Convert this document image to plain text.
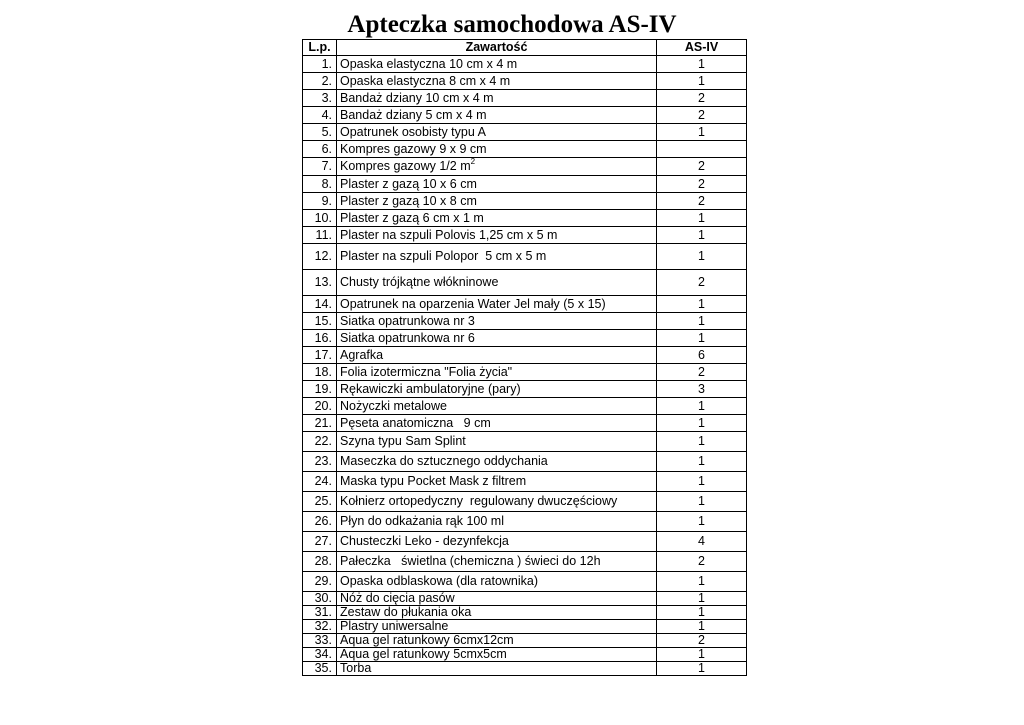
Apteczka samochodowa AS-IV
L.p.	Zawartość	AS-IV
1.	Opaska elastyczna 10 cm x 4 m	1
2.	Opaska elastyczna 8 cm x 4 m	1
3.	Bandaż dziany 10 cm x 4 m	2
4.	Bandaż dziany 5 cm x 4 m	2
5.	Opatrunek osobisty typu A	1
6.	Kompres gazowy 9 x 9 cm	
7.	Kompres gazowy 1/2 $m^2$	2
8.	Plaster z gazą 10 x 6 cm	2
9.	Plaster z gazą 10 x 8 cm	2
10.	Plaster z gazą 6 cm x 1 m	1
11.	Plaster na szpuli Polovis 1,25 cm x 5 m	1
12.	Plaster na szpuli Polopor  5 cm x 5 m	1
13.	Chusty trójkątne włókninowe	2
14.	Opatrunek na oparzenia Water Jel mały (5 x 15)	1
15.	Siatka opatrunkowa nr 3	1
16.	Siatka opatrunkowa nr 6	1
17.	Agrafka	6
18.	Folia izotermiczna "Folia życia"	2
19.	Rękawiczki ambulatoryjne (pary)	3
20.	Nożyczki metalowe	1
21.	Pęseta anatomiczna   9 cm	1
22.	Szyna typu Sam Splint	1
23.	Maseczka do sztucznego oddychania	1
24.	Maska typu Pocket Mask z filtrem	1
25.	Kołnierz ortopedyczny  regulowany dwuczęściowy	1
26.	Płyn do odkażania rąk 100 ml	1
27.	Chusteczki Leko - dezynfekcja	4
28.	Pałeczka   świetlna (chemiczna ) świeci do 12h	2
29.	Opaska odblaskowa (dla ratownika)	1
30.	Nóż do cięcia pasów	1
31.	Zestaw do płukania oka	1
32.	Plastry uniwersalne	1
33.	Aqua gel ratunkowy 6cmx12cm	2
34.	Aqua gel ratunkowy 5cmx5cm	1
35.	Torba	1
